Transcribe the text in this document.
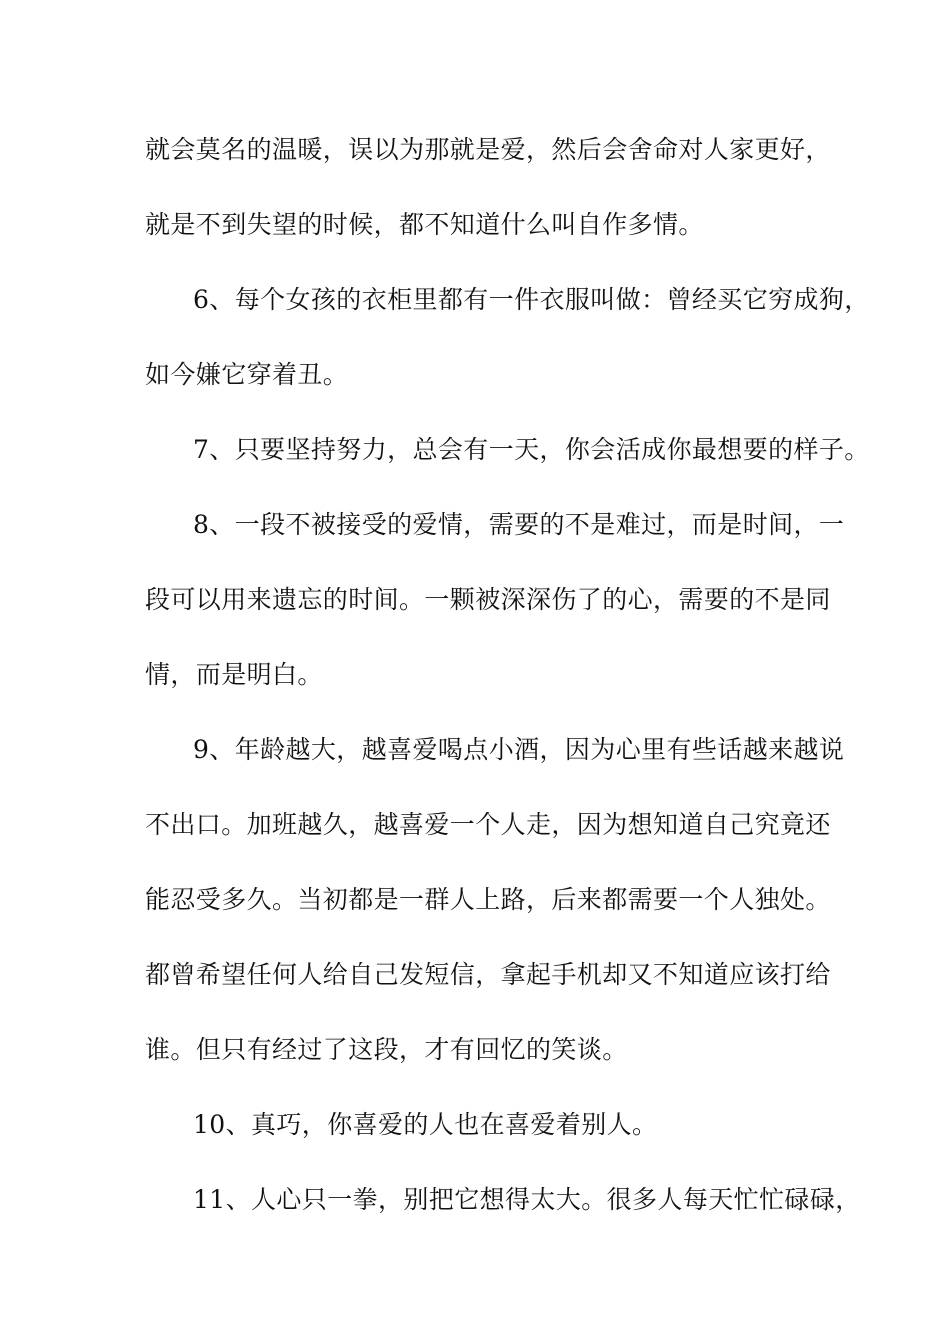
就会莫名的温暖，误以为那就是爱，然后会舍命对人家更好，
就是不到失望的时候，都不知道什么叫自作多情。
6、每个女孩的衣柜里都有一件衣服叫做：曾经买它穷成狗，
如今嫌它穿着丑。
7、只要坚持努力，总会有一天，你会活成你最想要的样子。
8、一段不被接受的爱情，需要的不是难过，而是时间，一
段可以用来遗忘的时间。一颗被深深伤了的心，需要的不是同
情，而是明白。
9、年龄越大，越喜爱喝点小酒，因为心里有些话越来越说
不出口。加班越久，越喜爱一个人走，因为想知道自己究竟还
能忍受多久。当初都是一群人上路，后来都需要一个人独处。
都曾希望任何人给自己发短信，拿起手机却又不知道应该打给
谁。但只有经过了这段，才有回忆的笑谈。
10、真巧，你喜爱的人也在喜爱着别人。
11、人心只一拳，别把它想得太大。很多人每天忙忙碌碌，
